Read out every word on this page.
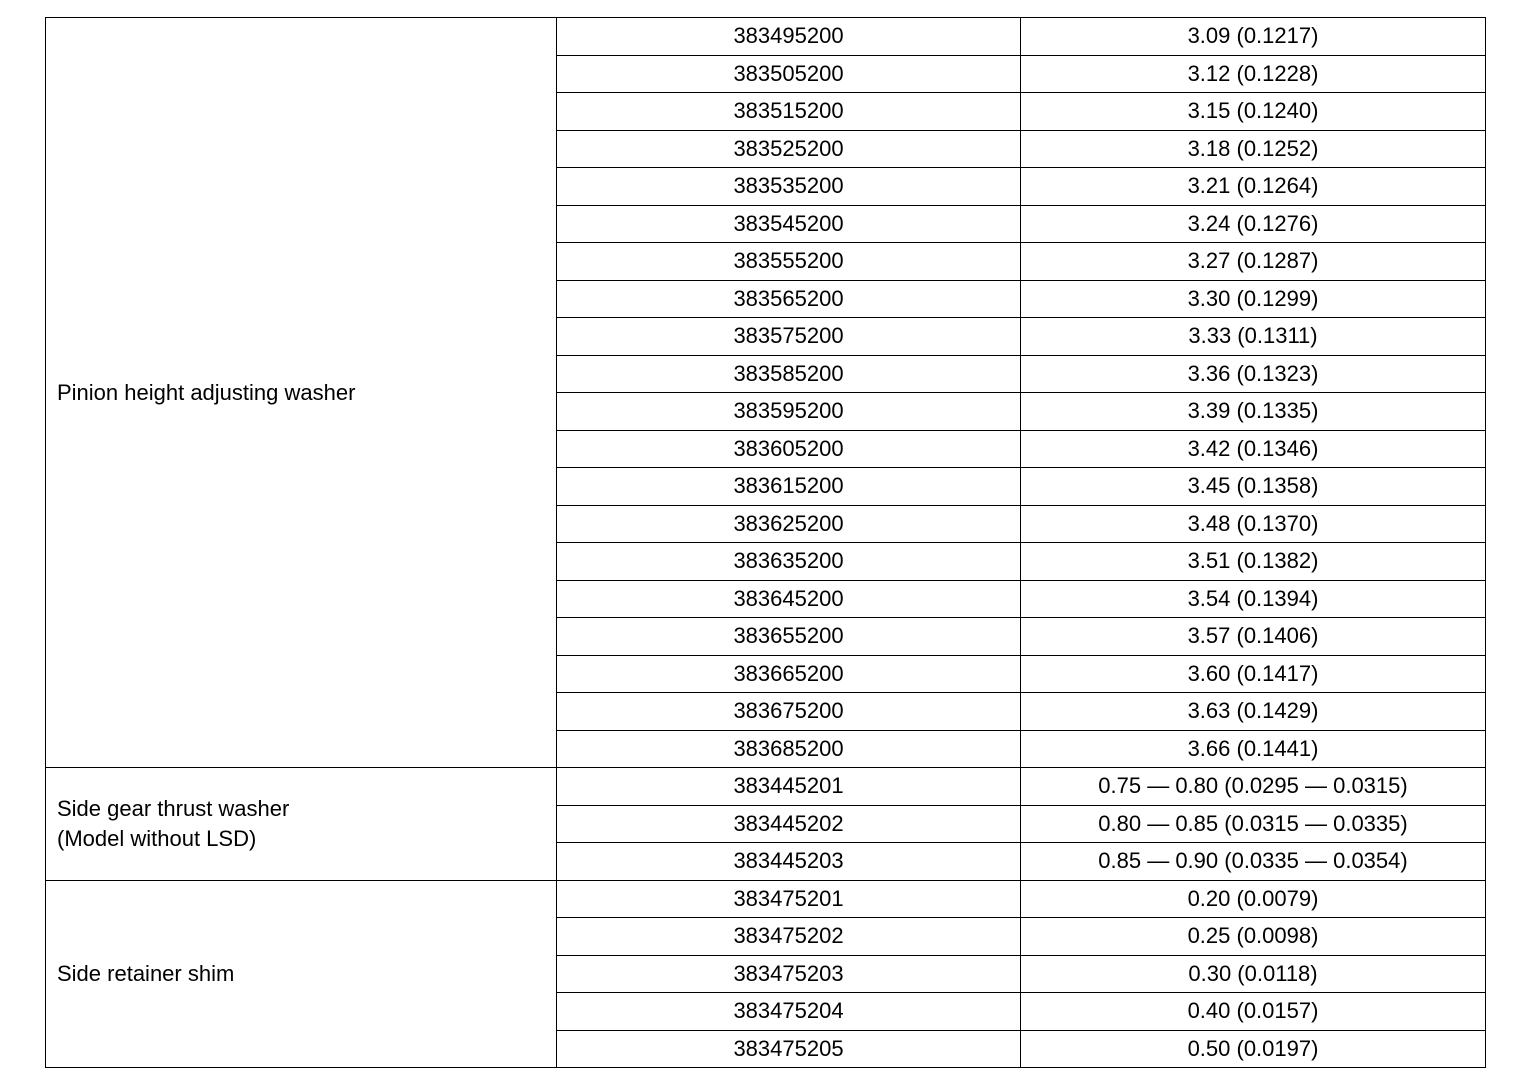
Pinion height adjusting washer	383495200	3.09 (0.1217)
	383505200	3.12 (0.1228)
	383515200	3.15 (0.1240)
	383525200	3.18 (0.1252)
	383535200	3.21 (0.1264)
	383545200	3.24 (0.1276)
	383555200	3.27 (0.1287)
	383565200	3.30 (0.1299)
	383575200	3.33 (0.1311)
	383585200	3.36 (0.1323)
	383595200	3.39 (0.1335)
	383605200	3.42 (0.1346)
	383615200	3.45 (0.1358)
	383625200	3.48 (0.1370)
	383635200	3.51 (0.1382)
	383645200	3.54 (0.1394)
	383655200	3.57 (0.1406)
	383665200	3.60 (0.1417)
	383675200	3.63 (0.1429)
	383685200	3.66 (0.1441)
Side gear thrust washer
(Model without LSD)	383445201	0.75 — 0.80 (0.0295 — 0.0315)
	383445202	0.80 — 0.85 (0.0315 — 0.0335)
	383445203	0.85 — 0.90 (0.0335 — 0.0354)
Side retainer shim	383475201	0.20 (0.0079)
	383475202	0.25 (0.0098)
	383475203	0.30 (0.0118)
	383475204	0.40 (0.0157)
	383475205	0.50 (0.0197)
